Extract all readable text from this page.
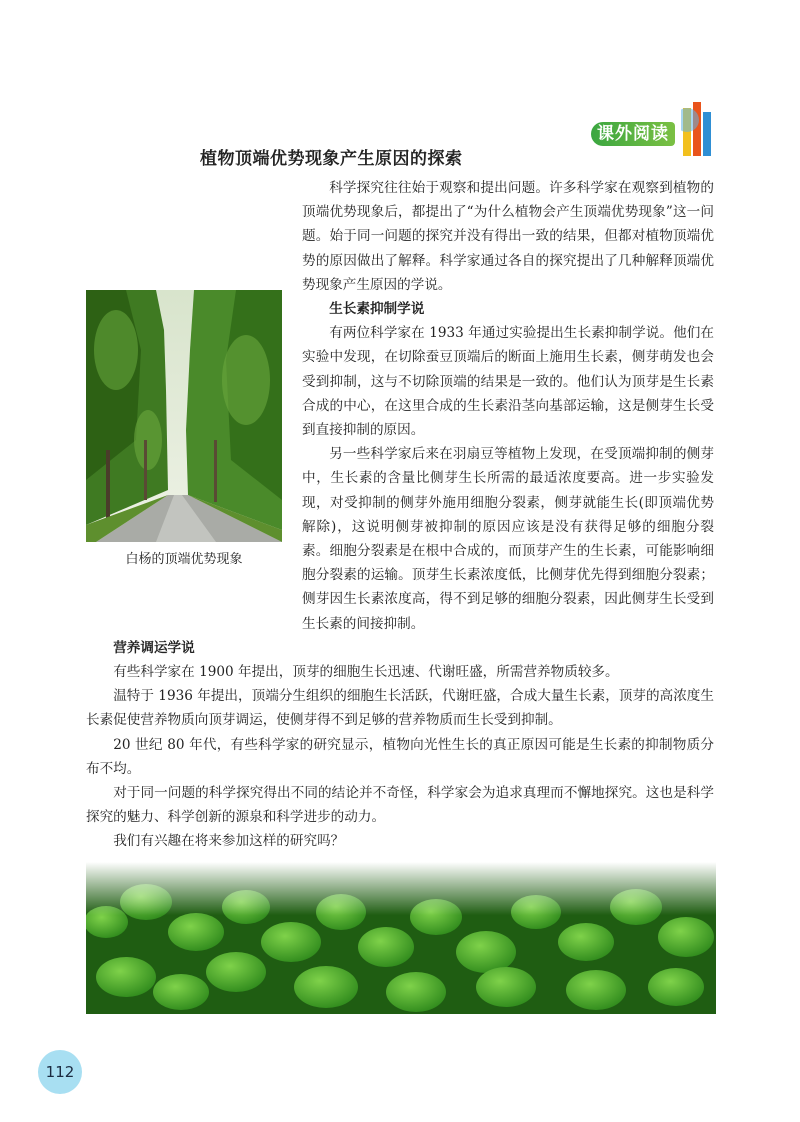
课外阅读
植物顶端优势现象产生原因的探索
白杨的顶端优势现象

科学探究往往始于观察和提出问题。许多科学家在观察到植物的顶端优势现象后，都提出了“为什么植物会产生顶端优势现象”这一问题。始于同一问题的探究并没有得出一致的结果，但都对植物顶端优势的原因做出了解释。科学家通过各自的探究提出了几种解释顶端优势现象产生原因的学说。

生长素抑制学说

有两位科学家在 1933 年通过实验提出生长素抑制学说。他们在实验中发现，在切除蚕豆顶端后的断面上施用生长素，侧芽萌发也会受到抑制，这与不切除顶端的结果是一致的。他们认为顶芽是生长素合成的中心，在这里合成的生长素沿茎向基部运输，这是侧芽生长受到直接抑制的原因。

另一些科学家后来在羽扇豆等植物上发现，在受顶端抑制的侧芽中，生长素的含量比侧芽生长所需的最适浓度要高。进一步实验发现，对受抑制的侧芽外施用细胞分裂素，侧芽就能生长(即顶端优势解除)，这说明侧芽被抑制的原因应该是没有获得足够的细胞分裂素。细胞分裂素是在根中合成的，而顶芽产生的生长素，可能影响细胞分裂素的运输。顶芽生长素浓度低，比侧芽优先得到细胞分裂素；侧芽因生长素浓度高，得不到足够的细胞分裂素，因此侧芽生长受到生长素的间接抑制。

营养调运学说

有些科学家在 1900 年提出，顶芽的细胞生长迅速、代谢旺盛，所需营养物质较多。

温特于 1936 年提出，顶端分生组织的细胞生长活跃，代谢旺盛，合成大量生长素，顶芽的高浓度生长素促使营养物质向顶芽调运，使侧芽得不到足够的营养物质而生长受到抑制。

20 世纪 80 年代，有些科学家的研究显示，植物向光性生长的真正原因可能是生长素的抑制物质分布不均。

对于同一问题的科学探究得出不同的结论并不奇怪，科学家会为追求真理而不懈地探究。这也是科学探究的魅力、科学创新的源泉和科学进步的动力。

我们有兴趣在将来参加这样的研究吗？

112
